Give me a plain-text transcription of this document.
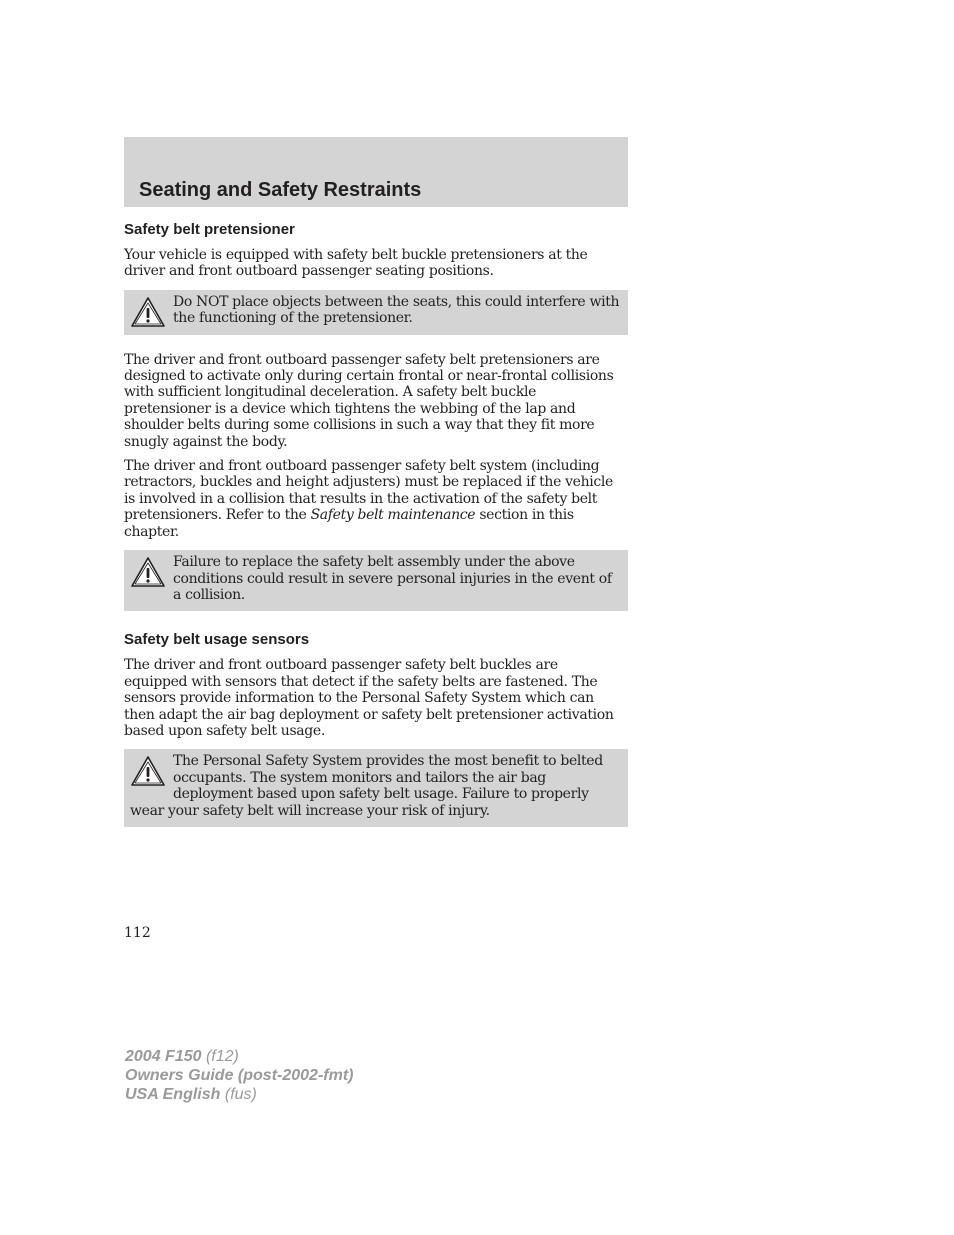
Seating and Safety Restraints
Safety belt pretensioner

Your vehicle is equipped with safety belt buckle pretensioners at the driver and front outboard passenger seating positions.

Do NOT place objects between the seats, this could interfere with the functioning of the pretensioner.

The driver and front outboard passenger safety belt pretensioners are designed to activate only during certain frontal or near-frontal collisions with sufficient longitudinal deceleration. A safety belt buckle pretensioner is a device which tightens the webbing of the lap and shoulder belts during some collisions in such a way that they fit more snugly against the body.

The driver and front outboard passenger safety belt system (including retractors, buckles and height adjusters) must be replaced if the vehicle is involved in a collision that results in the activation of the safety belt pretensioners. Refer to the Safety belt maintenance section in this chapter.

Failure to replace the safety belt assembly under the above conditions could result in severe personal injuries in the event of a collision.
Safety belt usage sensors

The driver and front outboard passenger safety belt buckles are equipped with sensors that detect if the safety belts are fastened. The sensors provide information to the Personal Safety System which can then adapt the air bag deployment or safety belt pretensioner activation based upon safety belt usage.

The Personal Safety System provides the most benefit to belted occupants. The system monitors and tailors the air bag deployment based upon safety belt usage. Failure to properly wear your safety belt will increase your risk of injury.

112

2004 F150 (f12)
Owners Guide (post-2002-fmt)
USA English (fus)
